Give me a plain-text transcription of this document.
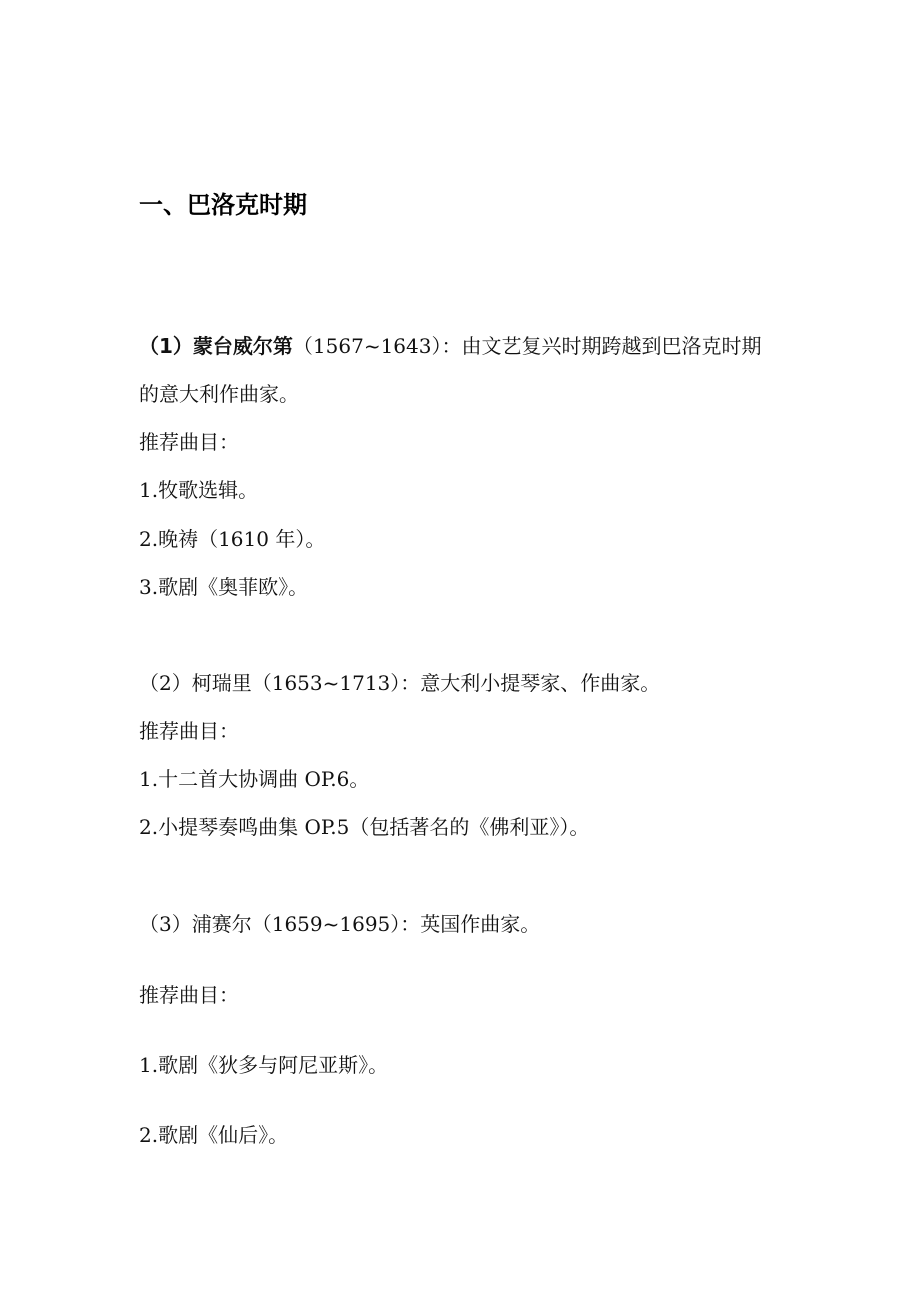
一、巴洛克时期
（1）蒙台威尔第（1567~1643）：由文艺复兴时期跨越到巴洛克时期
的意大利作曲家。
推荐曲目：
1.牧歌选辑。
2.晚祷（1610 年）。
3.歌剧《奥菲欧》。
（2）柯瑞里（1653~1713）：意大利小提琴家、作曲家。
推荐曲目：
1.十二首大协调曲 OP.6。
2.小提琴奏鸣曲集 OP.5（包括著名的《佛利亚》）。
（3）浦赛尔（1659~1695）：英国作曲家。
推荐曲目：
1.歌剧《狄多与阿尼亚斯》。
2.歌剧《仙后》。
